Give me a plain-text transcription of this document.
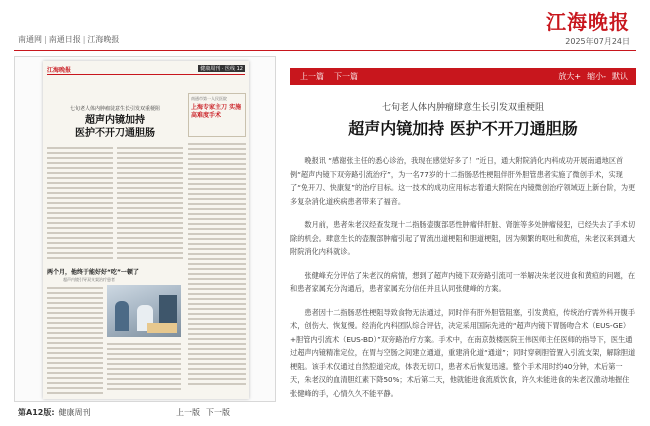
南通网 | 南通日报 | 江海晚报
江海晚报
2025年07月24日
江海晚报	健康周刊 · 医线 12
七旬老人体内肿瘤徒意生长引发双重梗阻
超声内镜加持
医护不开刀通胆肠
南通市第一人民医院
上海专家主刀 实施高难度手术
两个月，他终于能好好“吃”一顿了
超声内镜引导双支架治疗患者
第A12版: 健康周刊	上一版 下一版
上一篇 下一篇	放大+ 缩小- 默认
七旬老人体内肿瘤肆意生长引发双重梗阻
超声内镜加持 医护不开刀通胆肠

晚报讯 “感谢张主任的悉心诊治，我现在感觉好多了！”近日，通大附院消化内科成功开展南通地区首例“超声内镜下双旁路引流治疗”，为一名77岁的十二指肠恶性梗阻伴肝外胆管患者实施了微创手术，实现了“免开刀、快康复”的治疗目标。这一技术的成功应用标志着通大附院在内镜微创治疗领域迈上新台阶，为更多复杂消化道疾病患者带来了福音。

数月前，患者朱老汉经查发现十二指肠壶腹部恶性肿瘤伴肝脏、肾脏等多处肿瘤侵犯，已经失去了手术切除的机会。肆意生长的壶腹部肿瘤引起了胃流出道梗阻和胆道梗阻，因为频繁的呕吐和黄疸，朱老汉来到通大附院消化内科就诊。

张健峰充分评估了朱老汉的病情，想到了超声内镜下双旁路引流可一举解决朱老汉进食和黄疸的问题，在和患者家属充分沟通后，患者家属充分信任并且认同张健峰的方案。

患者因十二指肠恶性梗阻导致食物无法通过，同时伴有肝外胆管阻塞，引发黄疸，传统治疗需外科开腹手术，创伤大、恢复慢。经消化内科团队综合评估，决定采用国际先进的“超声内镜下胃肠吻合术（EUS-GE）+胆管内引流术（EUS-BD）”双旁路治疗方案。手术中，在南京鼓楼医院王伟医师主任医师的指导下，医生通过超声内镜精准定位，在胃与空肠之间建立通道，重建消化道“通道”；同时穿刺胆管置入引流支架，解除胆道梗阻。该手术仅通过自然腔道完成，体表无切口，患者术后恢复迅速。整个手术用时约40分钟，术后第一天，朱老汉的血清胆红素下降50%；术后第二天，他就能进食流质饮食，许久未能进食的朱老汉激动地握住张健峰的手，心情久久不能平静。
